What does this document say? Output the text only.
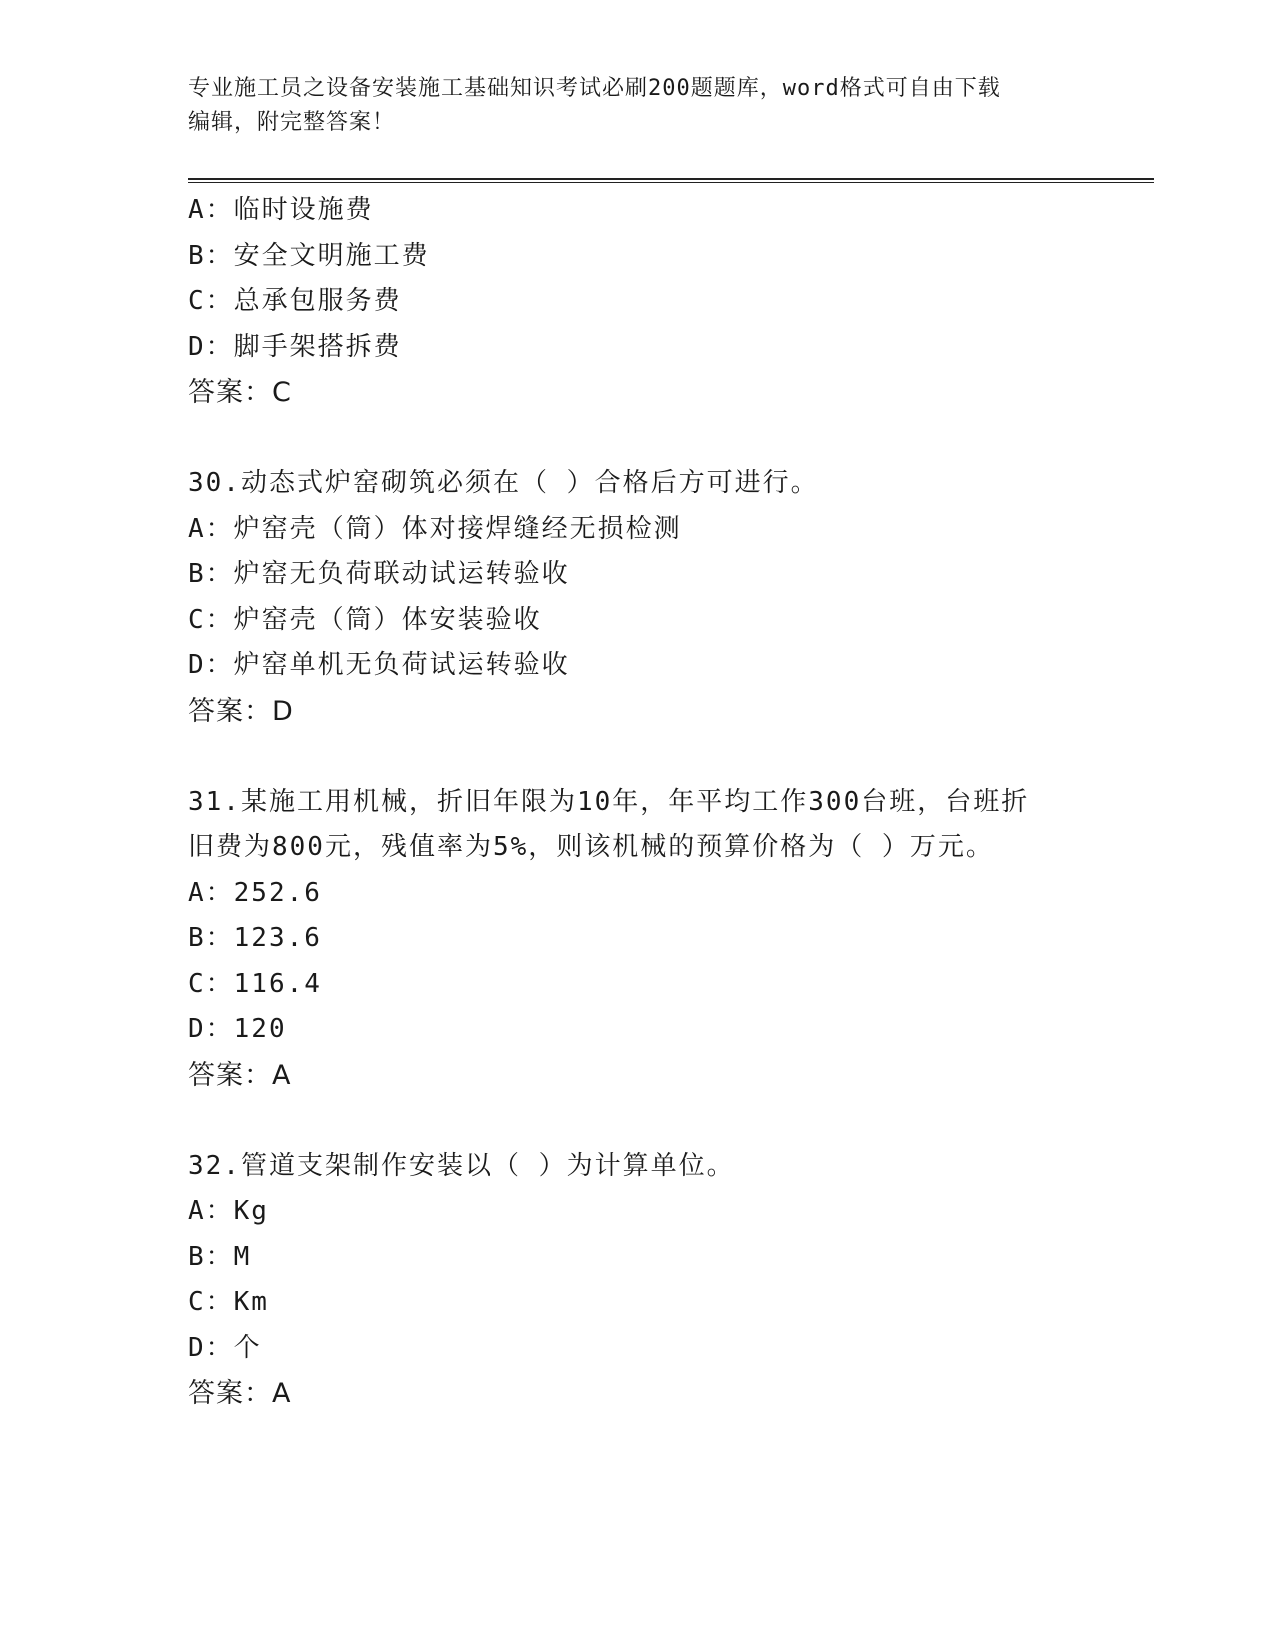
专业施工员之设备安装施工基础知识考试必刷200题题库，word格式可自由下载
编辑，附完整答案！
A：临时设施费
B：安全文明施工费
C：总承包服务费
D：脚手架搭拆费
答案：C
30.动态式炉窑砌筑必须在（ ）合格后方可进行。
A：炉窑壳（筒）体对接焊缝经无损检测
B：炉窑无负荷联动试运转验收
C：炉窑壳（筒）体安装验收
D：炉窑单机无负荷试运转验收
答案：D
31.某施工用机械，折旧年限为10年，年平均工作300台班，台班折
旧费为800元，残值率为5%，则该机械的预算价格为（ ）万元。
A：252.6
B：123.6
C：116.4
D：120
答案：A
32.管道支架制作安装以（ ）为计算单位。
A：Kg
B：M
C：Km
D：个
答案：A
